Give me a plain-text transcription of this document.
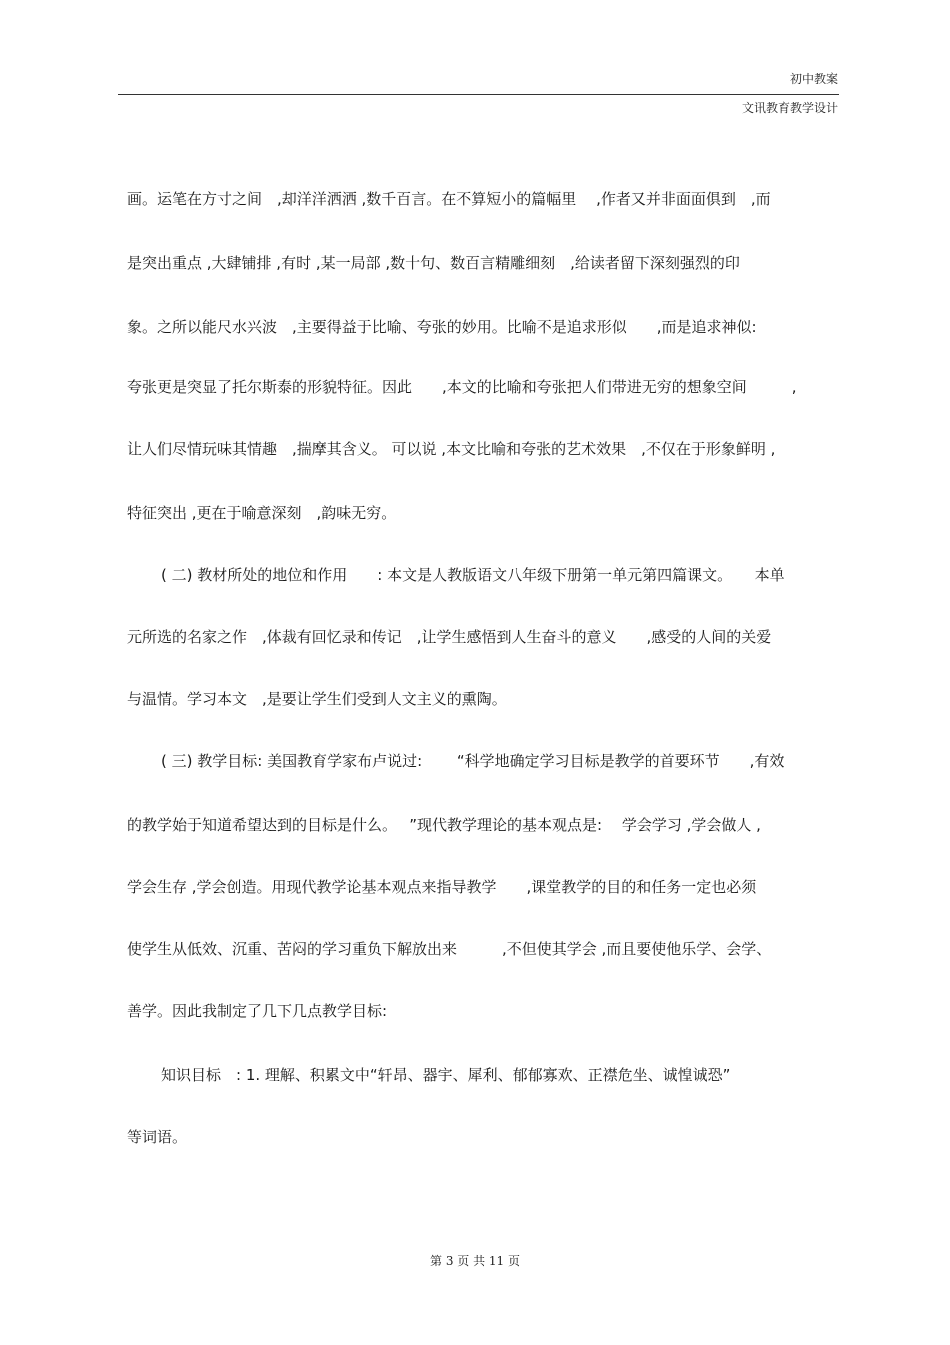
初中教案
文讯教育教学设计
画。运笔在方寸之间　,却洋洋洒洒 ,数千百言。在不算短小的篇幅里　 ,作者又并非面面俱到　,而
是突出重点 ,大肆铺排 ,有时 ,某一局部 ,数十句、数百言精雕细刻　,给读者留下深刻强烈的印
象。之所以能尺水兴波　,主要得益于比喻、夸张的妙用。比喻不是追求形似　　,而是追求神似:
夸张更是突显了托尔斯泰的形貌特征。因此　　,本文的比喻和夸张把人们带进无穷的想象空间　　　,
让人们尽情玩味其情趣　,揣摩其含义。 可以说 ,本文比喻和夸张的艺术效果　,不仅在于形象鲜明 ,
特征突出 ,更在于喻意深刻　,韵味无穷。
( 二) 教材所处的地位和作用　　: 本文是人教版语文八年级下册第一单元第四篇课文。　　本单
元所选的名家之作　,体裁有回忆录和传记　,让学生感悟到人生奋斗的意义　　,感受的人间的关爱
与温情。学习本文　,是要让学生们受到人文主义的熏陶。
( 三) 教学目标: 美国教育学家布卢说过:　　 “科学地确定学习目标是教学的首要环节　　,有效
的教学始于知道希望达到的目标是什么。　 ”现代教学理论的基本观点是:　 学会学习 ,学会做人 ,
学会生存 ,学会创造。用现代教学论基本观点来指导教学　　,课堂教学的目的和任务一定也必须
使学生从低效、沉重、苦闷的学习重负下解放出来　　　,不但使其学会 ,而且要使他乐学、会学、
善学。因此我制定了几下几点教学目标:
知识目标　: 1. 理解、积累文中“轩昂、器宇、犀利、郁郁寡欢、正襟危坐、诚惶诚恐”
等词语。
第 3 页 共 11 页
